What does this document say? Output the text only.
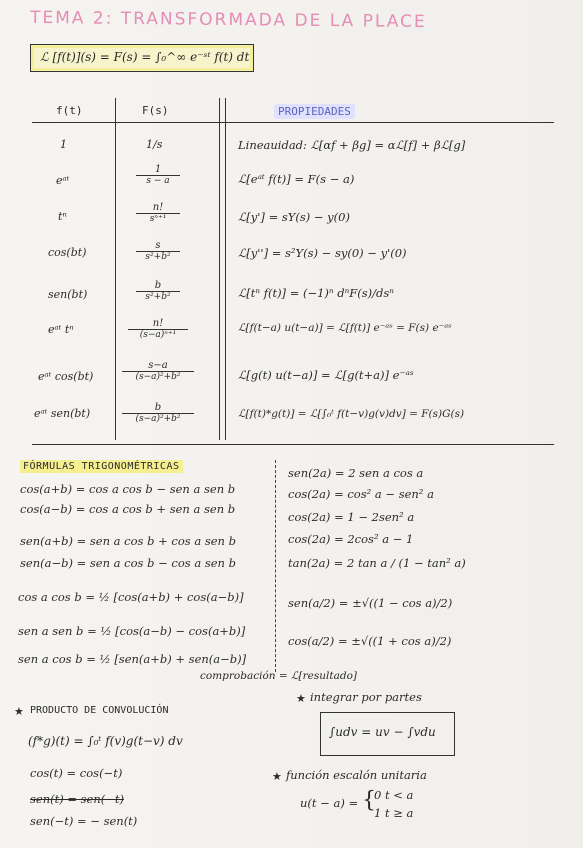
TEMA 2: TRANSFORMADA DE LA PLACE
ℒ [f(t)](s) = F(s) = ∫₀^∞ e⁻ˢᵗ f(t) dt
f(t)	F(s)	PROPIEDADES
1
eᵃᵗ
tⁿ
cos(bt)
sen(bt)
eᵃᵗ tⁿ
eᵃᵗ cos(bt)
eᵃᵗ sen(bt)
1/s
$\frac{1}{s - a}$
$\frac{n!}{\text{sⁿ⁺¹}}$
$\frac{s}{\text{s²+b²}}$
$\frac{b}{\text{s²+b²}}$
$\frac{n!}{\text{(s−a)ⁿ⁺¹}}$
$\frac{s-a}{\text{(s−a)²+b²}}$
$\frac{b}{\text{(s−a)²+b²}}$
Lineauidad: ℒ[αf + βg] = αℒ[f] + βℒ[g]
ℒ[eᵃᵗ f(t)] = F(s − a)
ℒ[y'] = sY(s) − y(0)
ℒ[y''] = s²Y(s) − sy(0) − y'(0)
ℒ[tⁿ f(t)] = (−1)ⁿ dⁿF(s)/dsⁿ
ℒ[f(t−a) u(t−a)] = ℒ[f(t)] e⁻ᵃˢ = F(s) e⁻ᵃˢ
ℒ[g(t) u(t−a)] = ℒ[g(t+a)] e⁻ᵃˢ
ℒ[f(t)*g(t)] = ℒ[∫₀ᵗ f(t−v)g(v)dv] = F(s)G(s)
FÓRMULAS TRIGONOMÉTRICAS
cos(a+b) = cos a cos b − sen a sen b
cos(a−b) = cos a cos b + sen a sen b
sen(a+b) = sen a cos b + cos a sen b
sen(a−b) = sen a cos b − cos a sen b
cos a cos b = ½ [cos(a+b) + cos(a−b)]
sen a sen b = ½ [cos(a−b) − cos(a+b)]
sen a cos b = ½ [sen(a+b) + sen(a−b)]
sen(2a) = 2 sen a cos a
cos(2a) = cos² a − sen² a
cos(2a) = 1 − 2sen² a
cos(2a) = 2cos² a − 1
tan(2a) = 2 tan a / (1 − tan² a)
sen(a/2) = ±√((1 − cos a)/2)
cos(a/2) = ±√((1 + cos a)/2)
comprobación = ℒ[resultado]
★ PRODUCTO DE CONVOLUCIÓN
(f*g)(t) = ∫₀ᵗ f(v)g(t−v) dv
cos(t) = cos(−t)
sen(t) = sen(−t)
sen(−t) = − sen(t)
★ integrar por partes
∫udv = uv − ∫vdu
★ función escalón unitaria
u(t − a) = {
0 t < a
1 t ≥ a
